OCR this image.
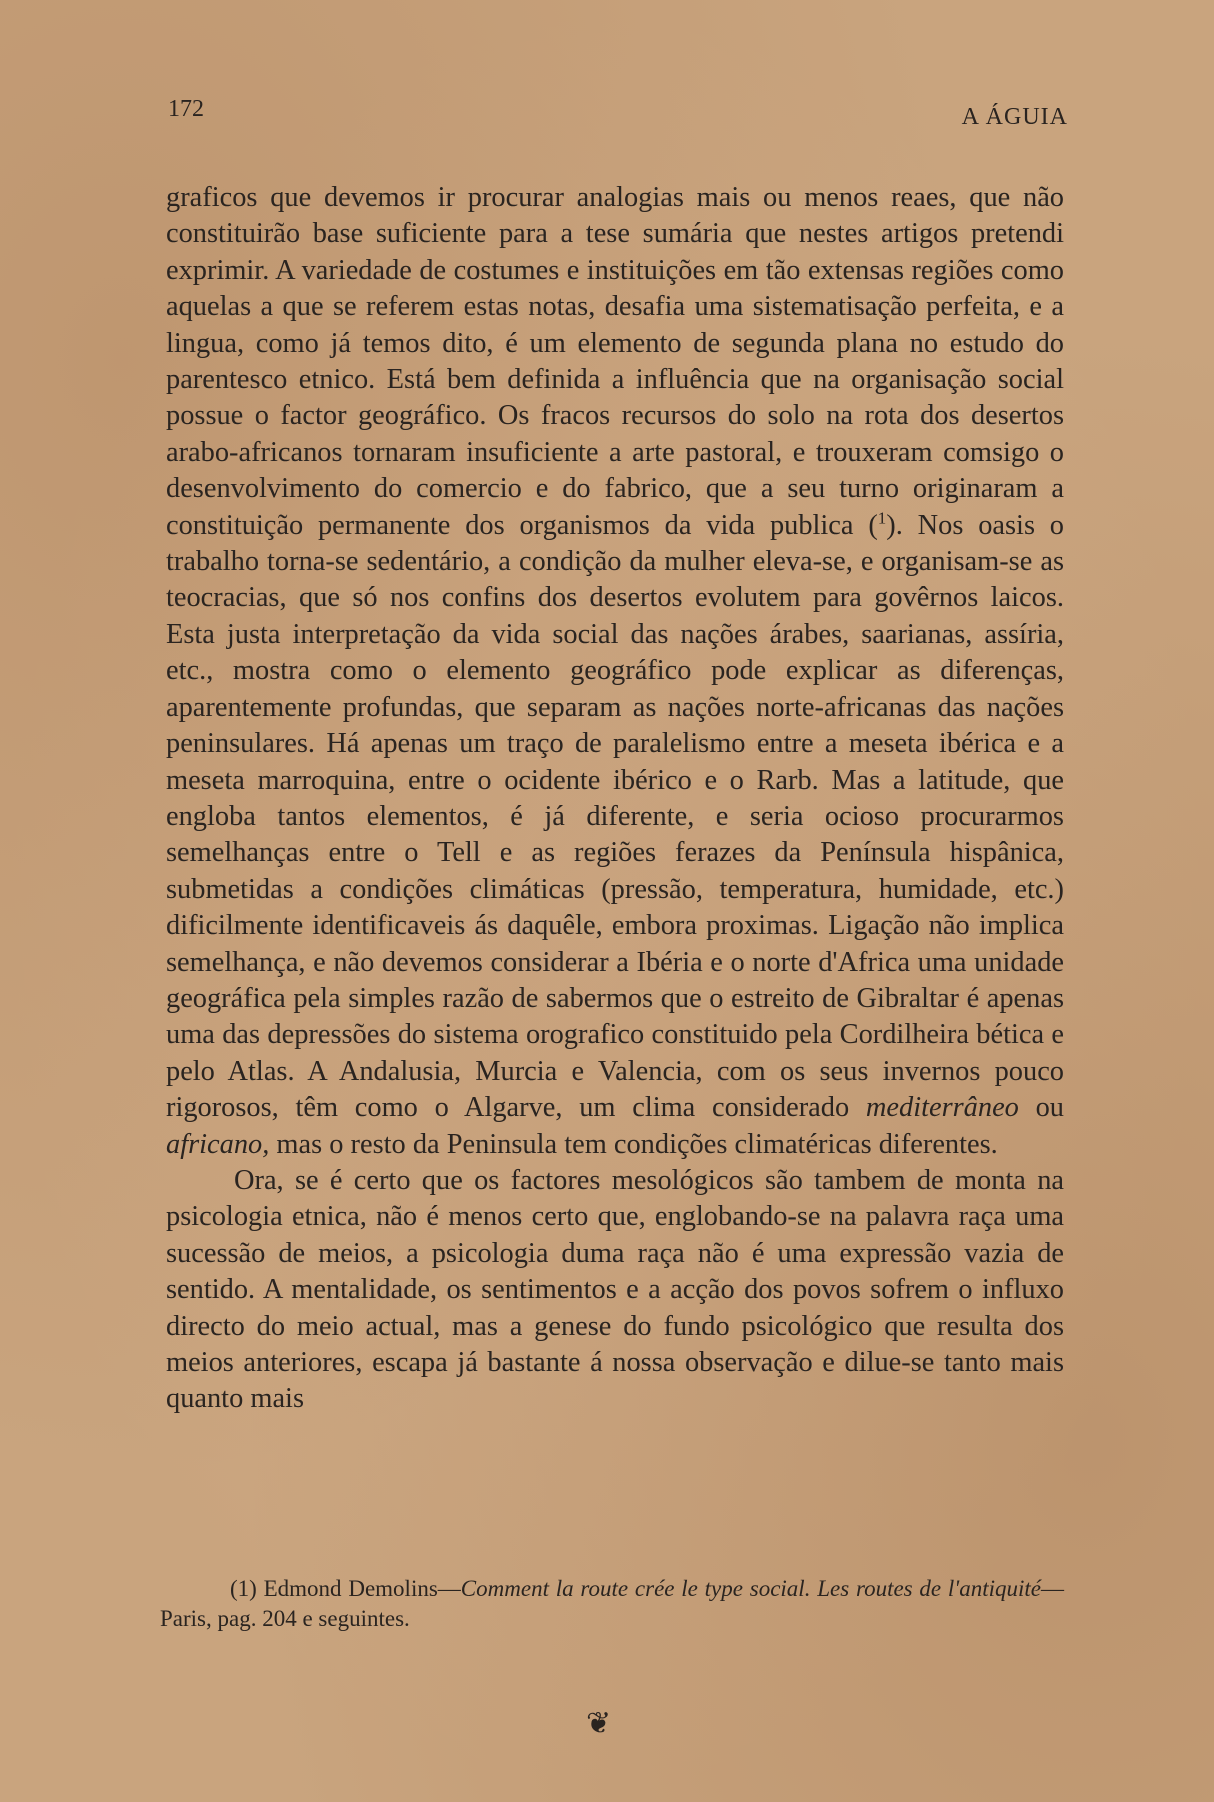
172	A ÁGUIA

graficos que devemos ir procurar analogias mais ou menos reaes, que não constituirão base suficiente para a tese sumária que nestes artigos pretendi exprimir. A variedade de costumes e instituições em tão extensas regiões como aquelas a que se referem estas notas, desafia uma sistematisação perfeita, e a lingua, como já temos dito, é um elemento de segunda plana no estudo do parentesco etnico. Está bem definida a influência que na organisação social possue o factor geográfico. Os fracos recursos do solo na rota dos desertos arabo-africanos tornaram insuficiente a arte pastoral, e trouxeram comsigo o desenvolvimento do comercio e do fabrico, que a seu turno originaram a constituição permanente dos organismos da vida publica ($^1$). Nos oasis o trabalho torna-se sedentário, a condição da mulher eleva-se, e organisam-se as teocracias, que só nos confins dos desertos evolutem para govêrnos laicos. Esta justa interpretação da vida social das nações árabes, saarianas, assíria, etc., mostra como o elemento geográfico pode explicar as diferenças, aparentemente profundas, que separam as nações norte-africanas das nações peninsulares. Há apenas um traço de paralelismo entre a meseta ibérica e a meseta marroquina, entre o ocidente ibérico e o Rarb. Mas a latitude, que engloba tantos elementos, é já diferente, e seria ocioso procurarmos semelhanças entre o Tell e as regiões ferazes da Península hispânica, submetidas a condições climáticas (pressão, temperatura, humidade, etc.) dificilmente identificaveis ás daquêle, embora proximas. Ligação não implica semelhança, e não devemos considerar a Ibéria e o norte d'Africa uma unidade geográfica pela simples razão de sabermos que o estreito de Gibraltar é apenas uma das depressões do sistema orografico constituido pela Cordilheira bética e pelo Atlas. A Andalusia, Murcia e Valencia, com os seus invernos pouco rigorosos, têm como o Algarve, um clima considerado mediterrâneo ou africano, mas o resto da Peninsula tem condições climatéricas diferentes.

Ora, se é certo que os factores mesológicos são tambem de monta na psicologia etnica, não é menos certo que, englobando-se na palavra raça uma sucessão de meios, a psicologia duma raça não é uma expressão vazia de sentido. A mentalidade, os sentimentos e a acção dos povos sofrem o influxo directo do meio actual, mas a genese do fundo psicológico que resulta dos meios anteriores, escapa já bastante á nossa observação e dilue-se tanto mais quanto mais

(1) Edmond Demolins—Comment la route crée le type social. Les routes de l'antiquité—Paris, pag. 204 e seguintes.
❦
